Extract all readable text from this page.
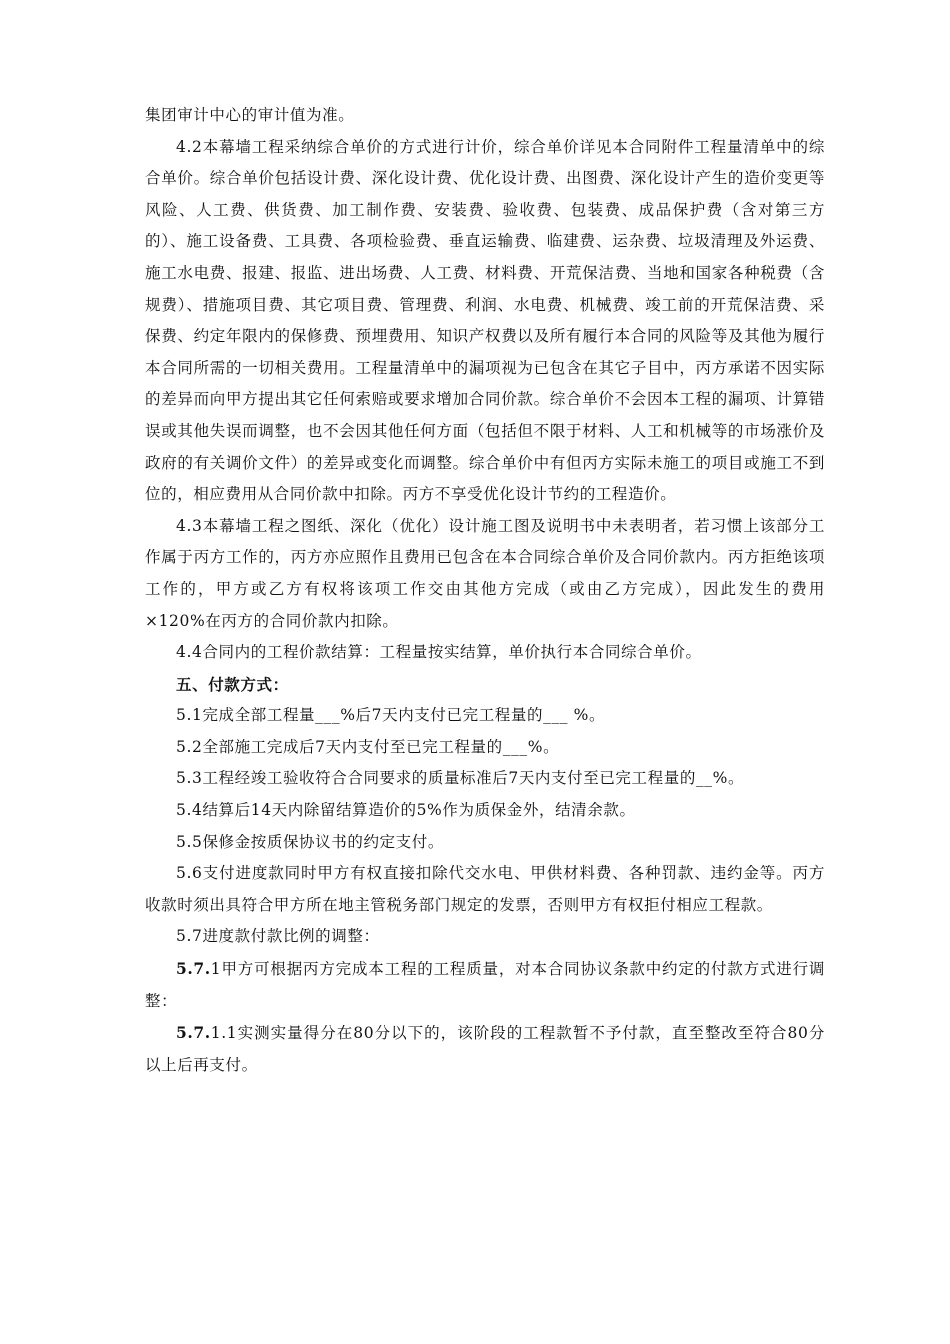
集团审计中心的审计值为准。

4.2本幕墙工程采纳综合单价的方式进行计价，综合单价详见本合同附件工程量清单中的综合单价。综合单价包括设计费、深化设计费、优化设计费、出图费、深化设计产生的造价变更等风险、人工费、供货费、加工制作费、安装费、验收费、包装费、成品保护费（含对第三方的）、施工设备费、工具费、各项检验费、垂直运输费、临建费、运杂费、垃圾清理及外运费、施工水电费、报建、报监、进出场费、人工费、材料费、开荒保洁费、当地和国家各种税费（含规费）、措施项目费、其它项目费、管理费、利润、水电费、机械费、竣工前的开荒保洁费、采保费、约定年限内的保修费、预埋费用、知识产权费以及所有履行本合同的风险等及其他为履行本合同所需的一切相关费用。工程量清单中的漏项视为已包含在其它子目中，丙方承诺不因实际的差异而向甲方提出其它任何索赔或要求增加合同价款。综合单价不会因本工程的漏项、计算错误或其他失误而调整，也不会因其他任何方面（包括但不限于材料、人工和机械等的市场涨价及政府的有关调价文件）的差异或变化而调整。综合单价中有但丙方实际未施工的项目或施工不到位的，相应费用从合同价款中扣除。丙方不享受优化设计节约的工程造价。

4.3本幕墙工程之图纸、深化（优化）设计施工图及说明书中未表明者，若习惯上该部分工作属于丙方工作的，丙方亦应照作且费用已包含在本合同综合单价及合同价款内。丙方拒绝该项工作的，甲方或乙方有权将该项工作交由其他方完成（或由乙方完成），因此发生的费用×120%在丙方的合同价款内扣除。

4.4合同内的工程价款结算：工程量按实结算，单价执行本合同综合单价。

五、付款方式：

5.1完成全部工程量___%后7天内支付已完工程量的___ %。

5.2全部施工完成后7天内支付至已完工程量的___%。

5.3工程经竣工验收符合合同要求的质量标准后7天内支付至已完工程量的__%。

5.4结算后14天内除留结算造价的5%作为质保金外，结清余款。

5.5保修金按质保协议书的约定支付。

5.6支付进度款同时甲方有权直接扣除代交水电、甲供材料费、各种罚款、违约金等。丙方收款时须出具符合甲方所在地主管税务部门规定的发票，否则甲方有权拒付相应工程款。

5.7进度款付款比例的调整：

5.7.1甲方可根据丙方完成本工程的工程质量，对本合同协议条款中约定的付款方式进行调整：

5.7.1.1实测实量得分在80分以下的，该阶段的工程款暂不予付款，直至整改至符合80分以上后再支付。
